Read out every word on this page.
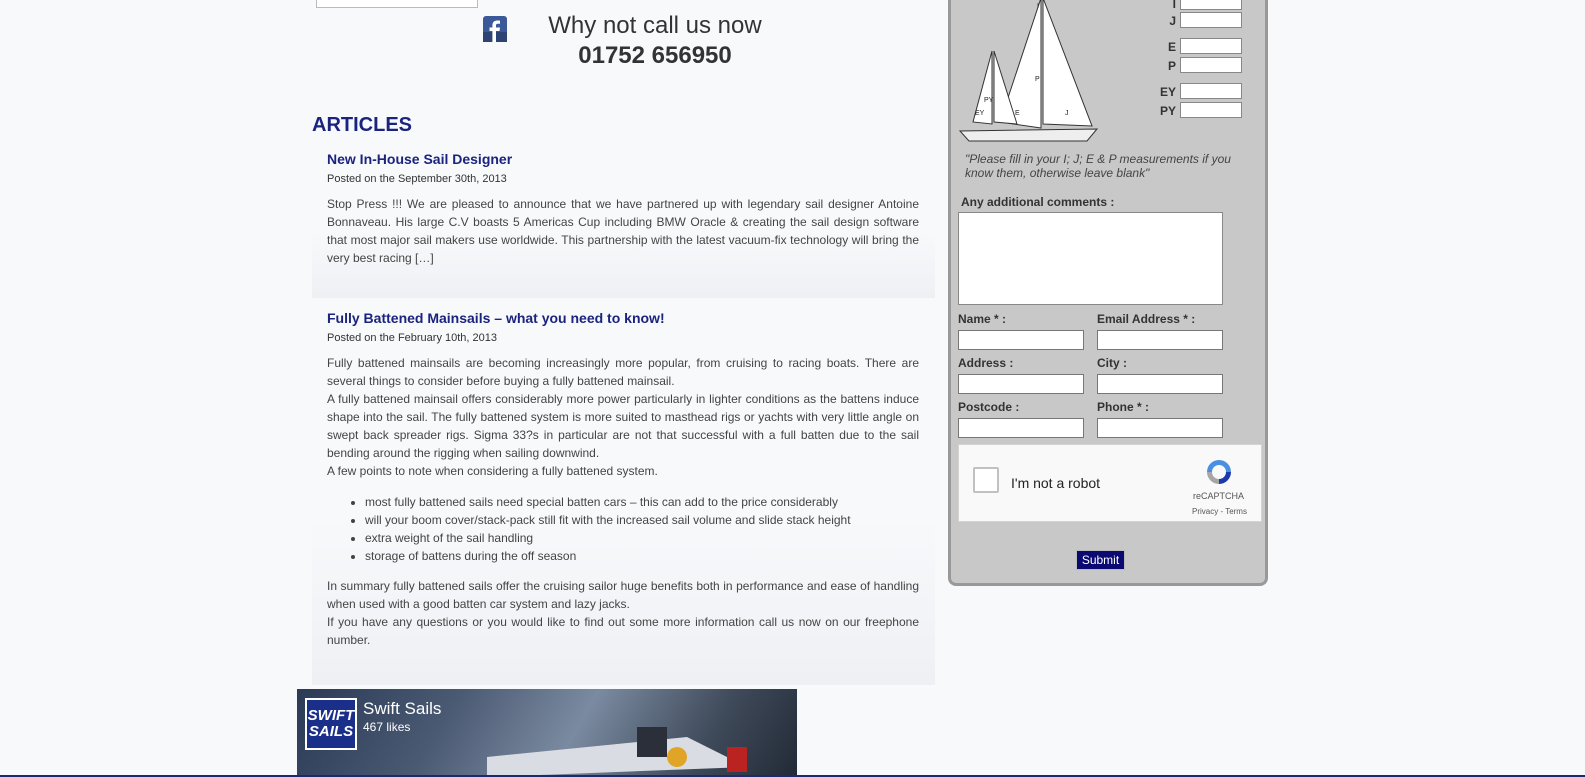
Why not call us now
01752 656950
ARTICLES
New In-House Sail Designer
Posted on the September 30th, 2013

Stop Press !!! We are pleased to announce that we have partnered up with legendary sail designer Antoine Bonnaveau. His large C.V boasts 5 Americas Cup including BMW Oracle & creating the sail design software that most major sail makers use worldwide. This partnership with the latest vacuum-fix technology will bring the very best racing […]

Fully Battened Mainsails – what you need to know!
Posted on the February 10th, 2013

Fully battened mainsails are becoming increasingly more popular, from cruising to racing boats. There are several things to consider before buying a fully battened mainsail.

A fully battened mainsail offers considerably more power particularly in lighter conditions as the battens induce shape into the sail. The fully battened system is more suited to masthead rigs or yachts with very little angle on swept back spreader rigs. Sigma 33?s in particular are not that successful with a full batten due to the sail bending around the rigging when sailing downwind.

A few points to note when considering a fully battened system.

• most fully battened sails need special batten cars – this can add to the price considerably
• will your boom cover/stack-pack still fit with the increased sail volume and slide stack height
• extra weight of the sail handling
• storage of battens during the off season

In summary fully battened sails offer the cruising sailor huge benefits both in performance and ease of handling when used with a good batten car system and lazy jacks.

If you have any questions or you would like to find out some more information call us now on our freephone number.

SWIFT
SAILS
Swift Sails
467 likes
I
P
E	J
PY
EY
I
J
E
P
EY
PY
"Please fill in your I; J; E & P measurements if you know them, otherwise leave blank"
Any additional comments :
Name * :	Email Address * :
Address :	City :
Postcode :	Phone * :
I'm not a robot
reCAPTCHA
Privacy - Terms
Submit
